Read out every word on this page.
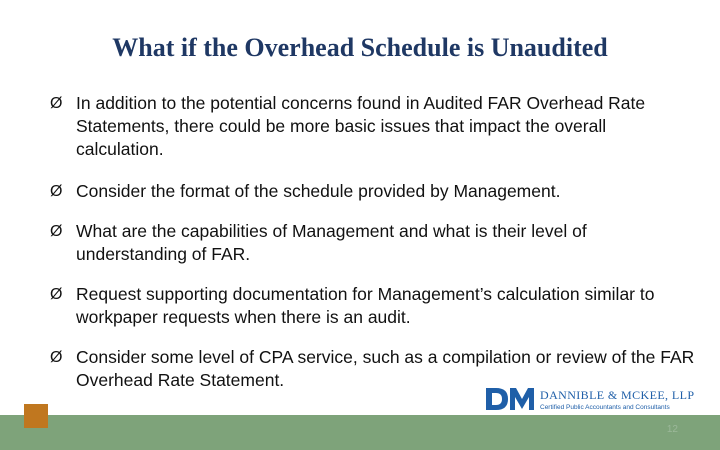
What if the Overhead Schedule is Unaudited
Ø In addition to the potential concerns found in Audited FAR Overhead Rate Statements, there could be more basic issues that impact the overall calculation.
Ø Consider the format of the schedule provided by Management.
Ø What are the capabilities of Management and what is their level of understanding of FAR.
Ø Request supporting documentation for Management’s calculation similar to workpaper requests when there is an audit.
Ø Consider some level of CPA service, such as a compilation or review of the FAR Overhead Rate Statement.
DANNIBLE & MCKEE, LLP
Certified Public Accountants and Consultants
12
